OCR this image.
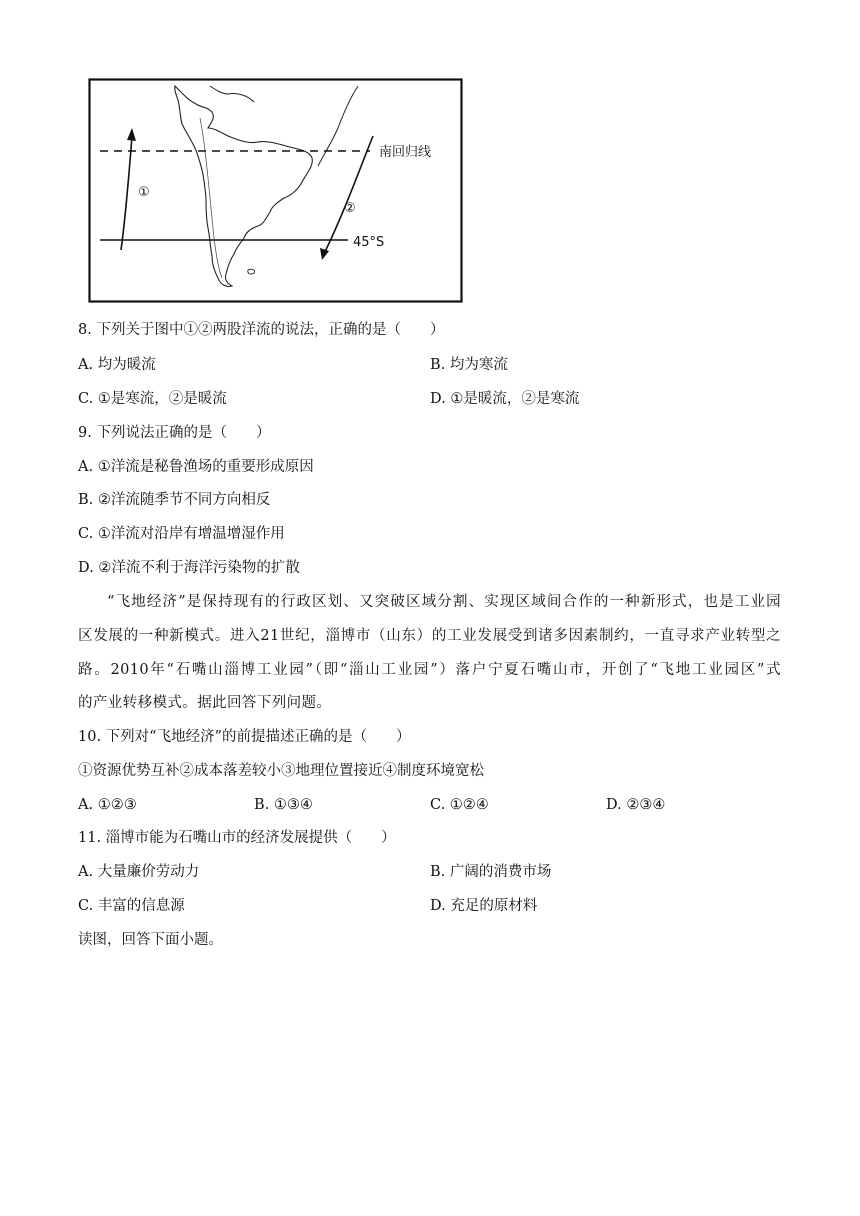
南回归线
45°S
①
②
8. 下列关于图中①②两股洋流的说法，正确的是（　　）
A. 均为暖流	B. 均为寒流
C. ①是寒流，②是暖流	D. ①是暖流，②是寒流
9. 下列说法正确的是（　　）
A. ①洋流是秘鲁渔场的重要形成原因
B. ②洋流随季节不同方向相反
C. ①洋流对沿岸有增温增湿作用
D. ②洋流不利于海洋污染物的扩散
“飞地经济”是保持现有的行政区划、又突破区域分割、实现区域间合作的一种新形式，也是工业园
区发展的一种新模式。进入21世纪，淄博市（山东）的工业发展受到诸多因素制约，一直寻求产业转型之
路。2010年“石嘴山淄博工业园”（即“淄山工业园”）落户宁夏石嘴山市，开创了“飞地工业园区”式
的产业转移模式。据此回答下列问题。
10. 下列对“飞地经济”的前提描述正确的是（　　）
①资源优势互补②成本落差较小③地理位置接近④制度环境宽松
A. ①②③	B. ①③④	C. ①②④	D. ②③④
11. 淄博市能为石嘴山市的经济发展提供（　　）
A. 大量廉价劳动力	B. 广阔的消费市场
C. 丰富的信息源	D. 充足的原材料
读图，回答下面小题。
